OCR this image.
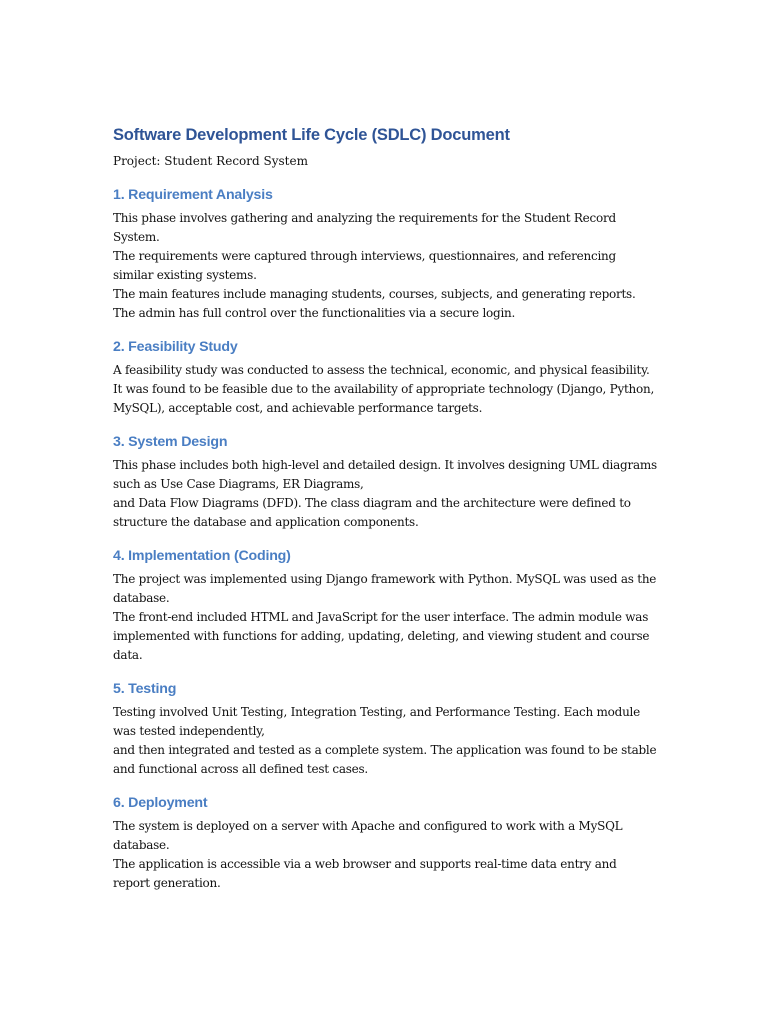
Software Development Life Cycle (SDLC) Document

Project: Student Record System

1. Requirement Analysis

This phase involves gathering and analyzing the requirements for the Student Record

System.

The requirements were captured through interviews, questionnaires, and referencing

similar existing systems.

The main features include managing students, courses, subjects, and generating reports.

The admin has full control over the functionalities via a secure login.

2. Feasibility Study

A feasibility study was conducted to assess the technical, economic, and physical feasibility.

It was found to be feasible due to the availability of appropriate technology (Django, Python,

MySQL), acceptable cost, and achievable performance targets.

3. System Design

This phase includes both high-level and detailed design. It involves designing UML diagrams

such as Use Case Diagrams, ER Diagrams,

and Data Flow Diagrams (DFD). The class diagram and the architecture were defined to

structure the database and application components.

4. Implementation (Coding)

The project was implemented using Django framework with Python. MySQL was used as the

database.

The front-end included HTML and JavaScript for the user interface. The admin module was

implemented with functions for adding, updating, deleting, and viewing student and course

data.

5. Testing

Testing involved Unit Testing, Integration Testing, and Performance Testing. Each module

was tested independently,

and then integrated and tested as a complete system. The application was found to be stable

and functional across all defined test cases.

6. Deployment

The system is deployed on a server with Apache and configured to work with a MySQL

database.

The application is accessible via a web browser and supports real-time data entry and

report generation.
